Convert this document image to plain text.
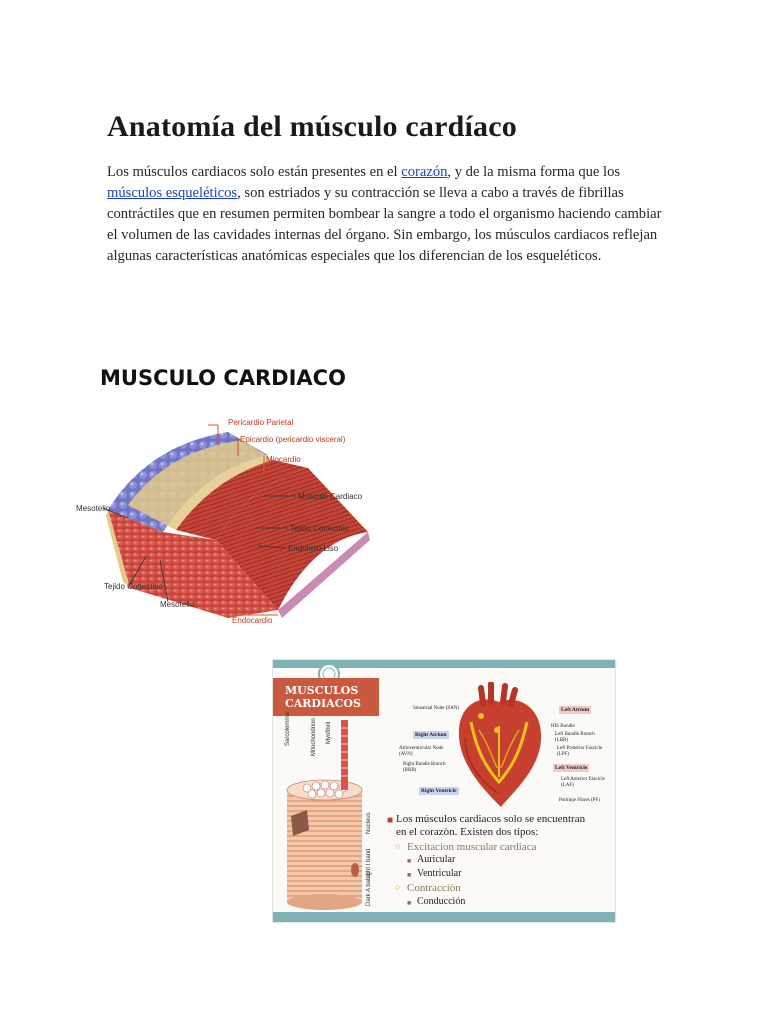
Anatomía del músculo cardíaco

Los músculos cardiacos solo están presentes en el corazón, y de la misma forma que los músculos esqueléticos, son estriados y su contracción se lleva a cabo a través de fibrillas contráctiles que en resumen permiten bombear la sangre a todo el organismo haciendo cambiar el volumen de las cavidades internas del órgano. Sin embargo, los músculos cardiacos reflejan algunas características anatómicas especiales que los diferencian de los esqueléticos.

Pericardio Parietal
Epicardio (pericardio visceral)
Miocardio
Músculo Cardiaco
Tejido Conectivo
Endotelio Liso
Mesotelio
Tejido Conectivo
Mesotelio
Endocardio
MUSCULO CARDIACO
MUSCULOS
CARDIACOS
Sarcolemma	Mitochondrion Myofibril
Nucleus
Light I band
Dark A band
Sinoatrial Node (SAN)	Left Atrium
HIS Bundle
Right Atrium	Left Bundle Branch (LBB)
Left Posterior Fascicle (LPF)
Atrioventricular Node (AVN)
Right Bundle Branch (RBB)	Left Ventricle
Left Anterior Fascicle (LAF)
Right Ventricle
Purkinje Fibres (PF)
■ Los músculos cardiacos solo se encuentran
en el corazòn. Existen dos tipos:
○ Excitacion muscular cardiaca
■ Auricular
■ Ventricular
○ Contracciòn
■ Conducción
